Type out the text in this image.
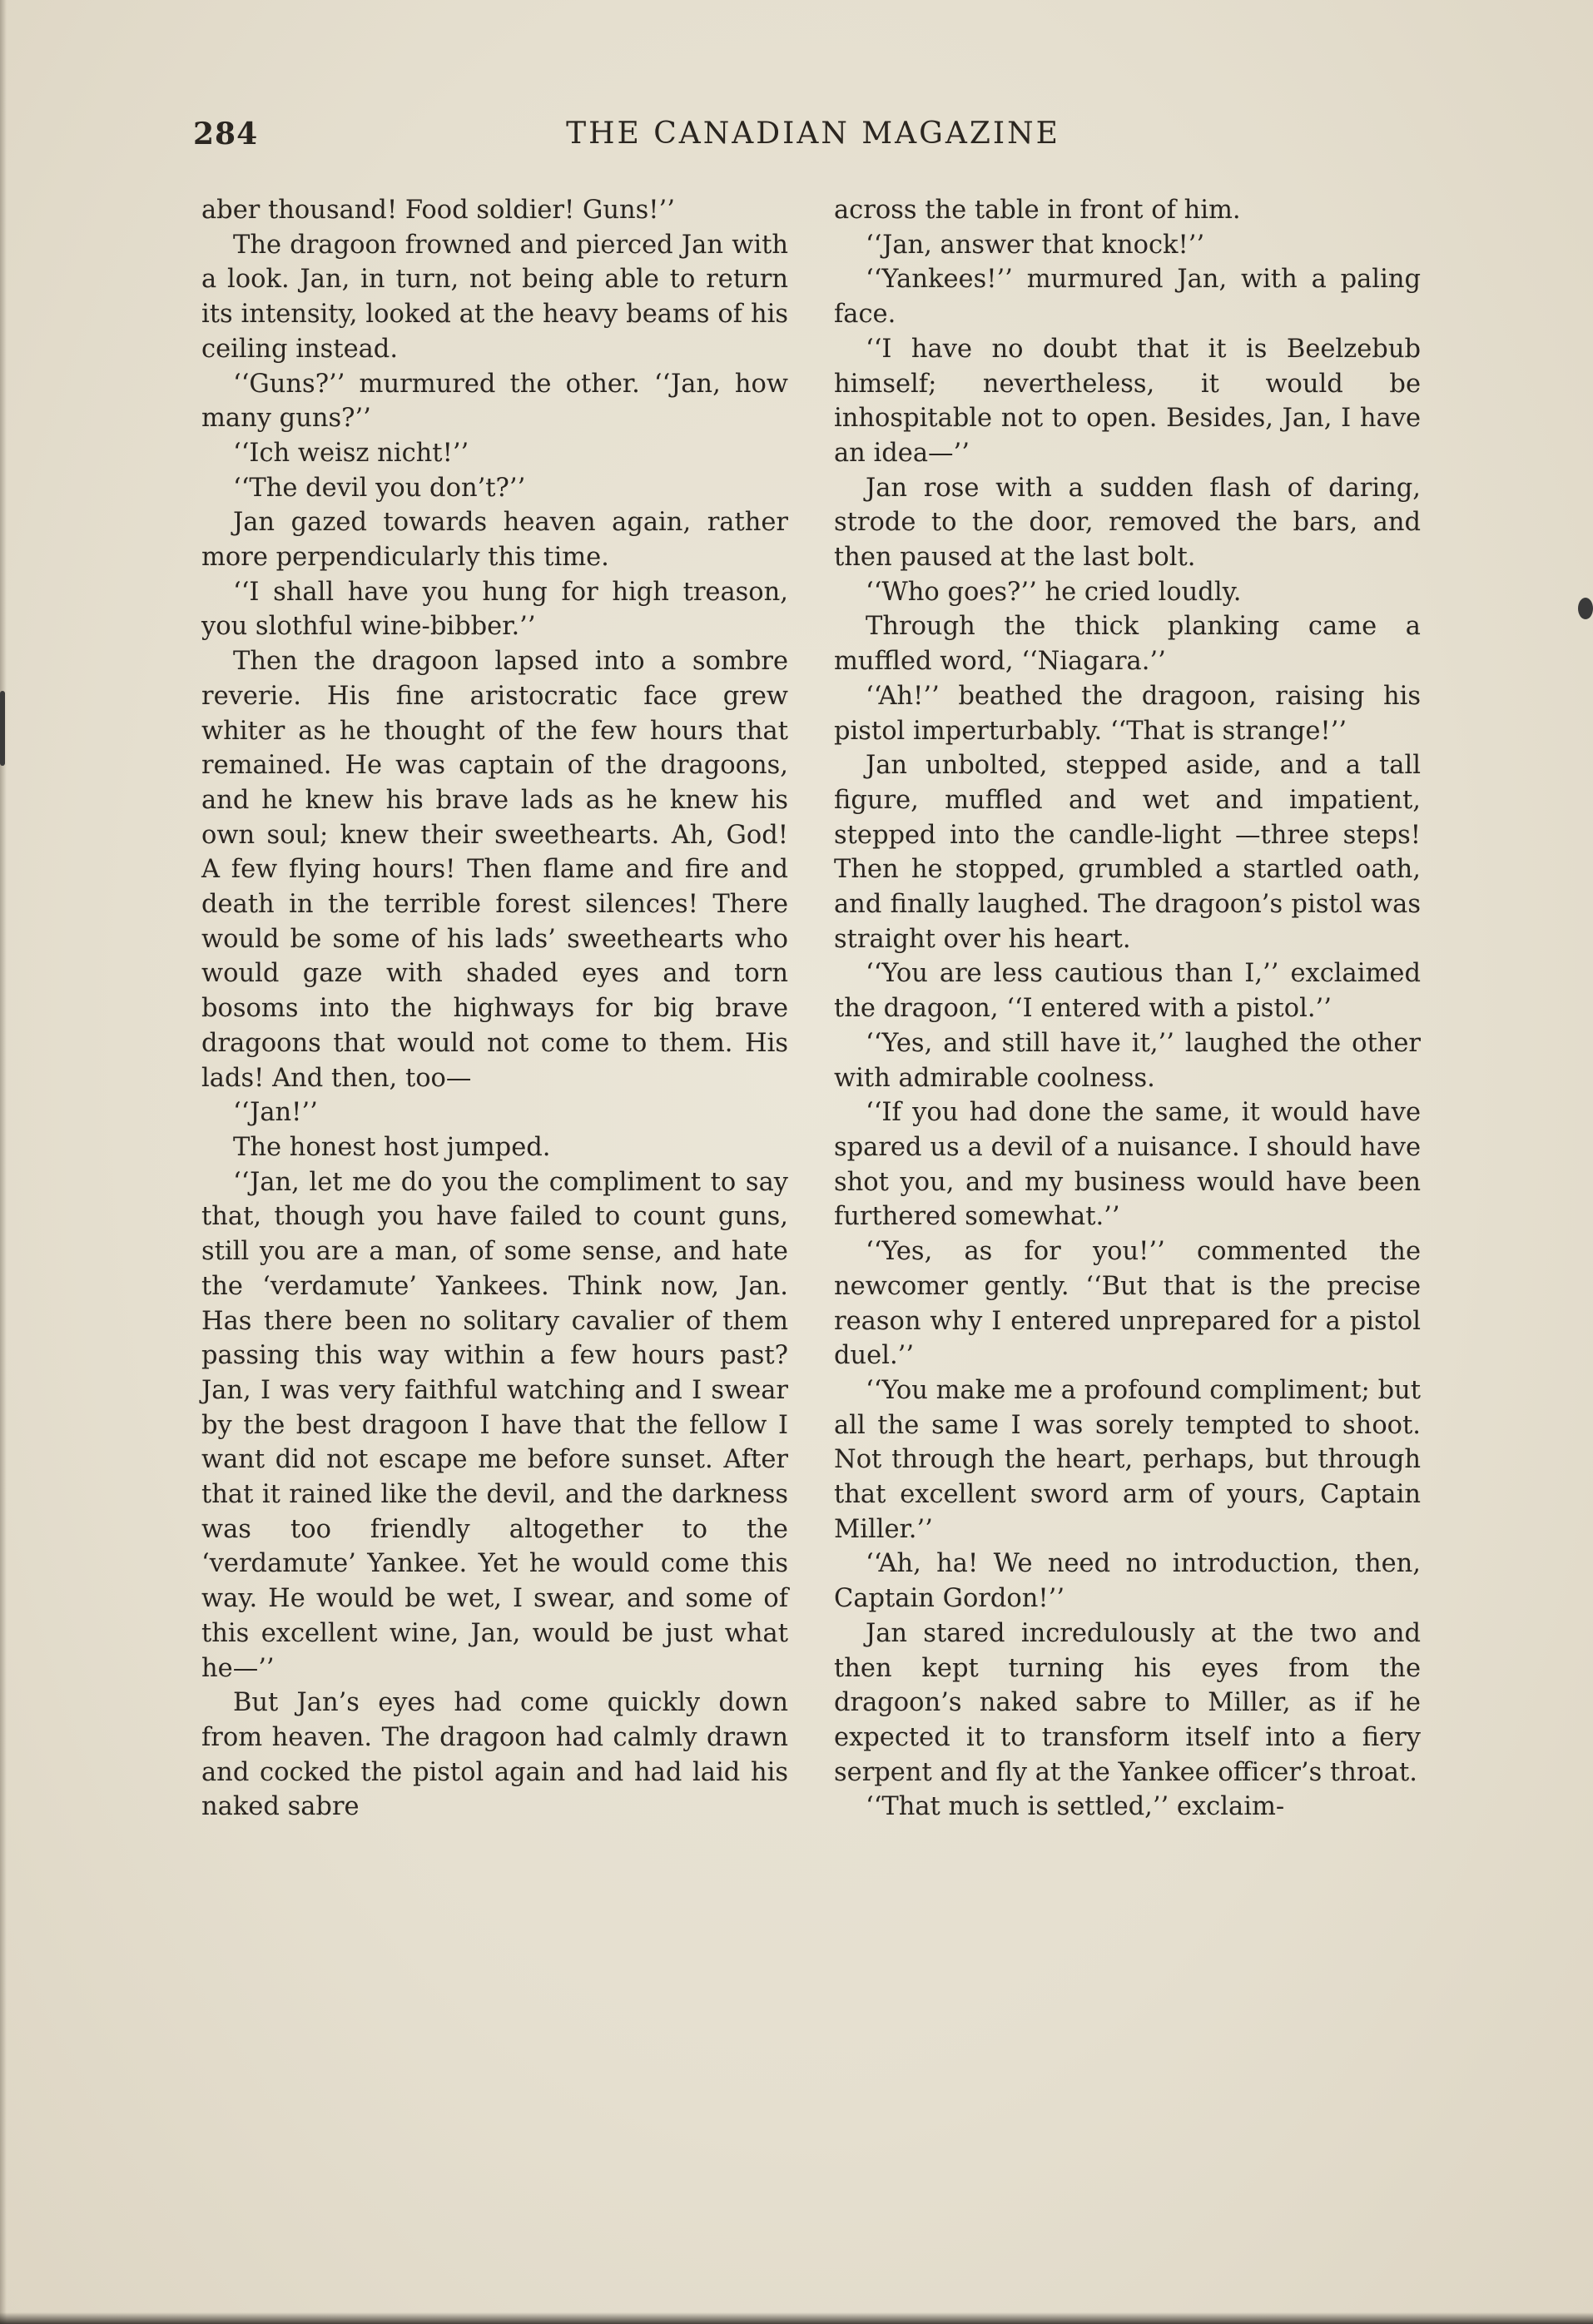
284	THE CANADIAN MAGAZINE

aber thousand! Food soldier! Guns!’’

The dragoon frowned and pierced Jan with a look. Jan, in turn, not being able to return its intensity, looked at the heavy beams of his ceiling instead.

‘‘Guns?’’ murmured the other. ‘‘Jan, how many guns?’’

‘‘Ich weisz nicht!’’

‘‘The devil you don’t?’’

Jan gazed towards heaven again, rather more perpendicularly this time.

‘‘I shall have you hung for high treason, you slothful wine-bibber.’’

Then the dragoon lapsed into a sombre reverie. His fine aristocratic face grew whiter as he thought of the few hours that remained. He was captain of the dragoons, and he knew his brave lads as he knew his own soul; knew their sweethearts. Ah, God! A few flying hours! Then flame and fire and death in the terrible forest silences! There would be some of his lads’ sweethearts who would gaze with shaded eyes and torn bosoms into the highways for big brave dragoons that would not come to them. His lads! And then, too—

‘‘Jan!’’

The honest host jumped.

‘‘Jan, let me do you the compliment to say that, though you have failed to count guns, still you are a man, of some sense, and hate the ‘verdamute’ Yankees. Think now, Jan. Has there been no solitary cavalier of them passing this way within a few hours past? Jan, I was very faithful watching and I swear by the best dragoon I have that the fellow I want did not escape me before sunset. After that it rained like the devil, and the darkness was too friendly altogether to the ‘verdamute’ Yankee. Yet he would come this way. He would be wet, I swear, and some of this excellent wine, Jan, would be just what he—’’

But Jan’s eyes had come quickly down from heaven. The dragoon had calmly drawn and cocked the pistol again and had laid his naked sabre

across the table in front of him.

‘‘Jan, answer that knock!’’

‘‘Yankees!’’ murmured Jan, with a paling face.

‘‘I have no doubt that it is Beelzebub himself; nevertheless, it would be inhospitable not to open. Besides, Jan, I have an idea—’’

Jan rose with a sudden flash of daring, strode to the door, removed the bars, and then paused at the last bolt.

‘‘Who goes?’’ he cried loudly.

Through the thick planking came a muffled word, ‘‘Niagara.’’

‘‘Ah!’’ beathed the dragoon, raising his pistol imperturbably. ‘‘That is strange!’’

Jan unbolted, stepped aside, and a tall figure, muffled and wet and impatient, stepped into the candle-light —three steps! Then he stopped, grumbled a startled oath, and finally laughed. The dragoon’s pistol was straight over his heart.

‘‘You are less cautious than I,’’ exclaimed the dragoon, ‘‘I entered with a pistol.’’

‘‘Yes, and still have it,’’ laughed the other with admirable coolness.

‘‘If you had done the same, it would have spared us a devil of a nuisance. I should have shot you, and my business would have been furthered somewhat.’’

‘‘Yes, as for you!’’ commented the newcomer gently. ‘‘But that is the precise reason why I entered unprepared for a pistol duel.’’

‘‘You make me a profound compliment; but all the same I was sorely tempted to shoot. Not through the heart, perhaps, but through that excellent sword arm of yours, Captain Miller.’’

‘‘Ah, ha! We need no introduction, then, Captain Gordon!’’

Jan stared incredulously at the two and then kept turning his eyes from the dragoon’s naked sabre to Miller, as if he expected it to transform itself into a fiery serpent and fly at the Yankee officer’s throat.

‘‘That much is settled,’’ exclaim-
